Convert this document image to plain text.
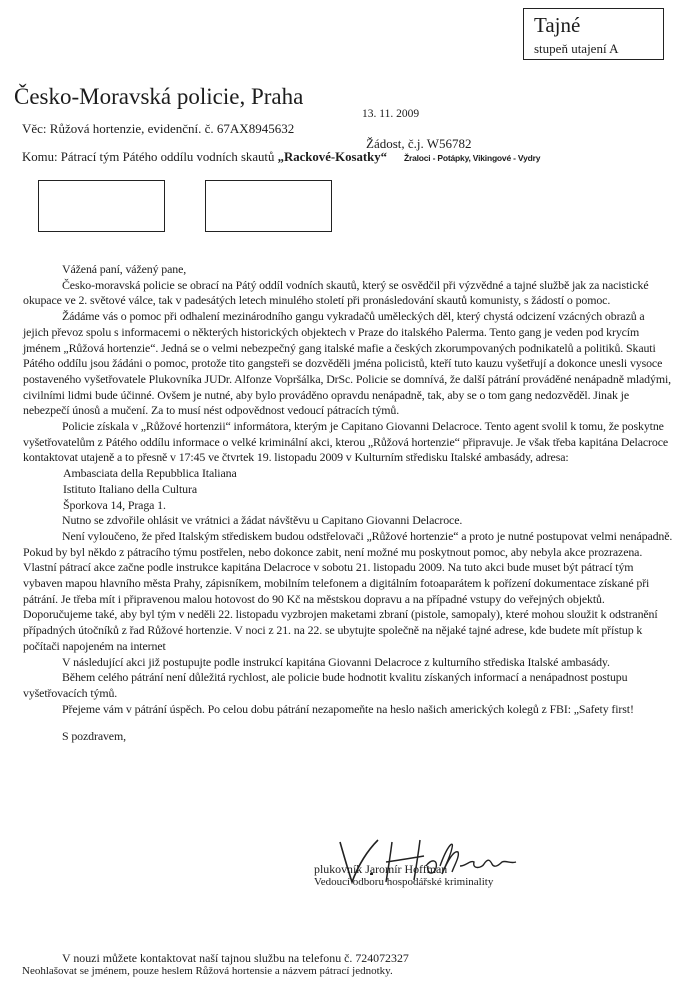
Tajné
stupeň utajení A
Česko-Moravská policie, Praha
13. 11. 2009
Věc: Růžová hortenzie, evidenční. č. 67AX8945632
Žádost, č.j. W56782
Komu: Pátrací tým Pátého oddílu vodních skautů „Rackové-Kosatky“ Žraloci - Potápky, Vikingové - Vydry

Vážená paní, vážený pane,

Česko-moravská policie se obrací na Pátý oddíl vodních skautů, který se osvědčil při výzvědné a tajné službě jak za nacistické okupace ve 2. světové válce, tak v padesátých letech minulého století při pronásledování skautů komunisty, s žádostí o pomoc.

Žádáme vás o pomoc při odhalení mezinárodního gangu vykradačů uměleckých děl, který chystá odcizení vzácných obrazů a jejich převoz spolu s informacemi o některých historických objektech v Praze do italského Palerma. Tento gang je veden pod krycím jménem „Růžová hortenzie“. Jedná se o velmi nebezpečný gang italské mafie a českých zkorumpovaných podnikatelů a politiků. Skauti Pátého oddílu jsou žádáni o pomoc, protože tito gangsteři se dozvěděli jména policistů, kteří tuto kauzu vyšetřují a dokonce unesli vysoce postaveného vyšetřovatele Plukovníka JUDr. Alfonze Vopršálka, DrSc. Policie se domnívá, že další pátrání prováděné nenápadně mladými, civilními lidmi bude účinné. Ovšem je nutné, aby bylo prováděno opravdu nenápadně, tak, aby se o tom gang nedozvěděl. Jinak je nebezpečí únosů a mučení. Za to musí nést odpovědnost vedoucí pátracích týmů.

Policie získala v „Růžové hortenzii“ informátora, kterým je Capitano Giovanni Delacroce. Tento agent svolil k tomu, že poskytne vyšetřovatelům z Pátého oddílu informace o velké kriminální akci, kterou „Růžová hortenzie“ připravuje. Je však třeba kapitána Delacroce kontaktovat utajeně a to přesně v 17:45 ve čtvrtek 19. listopadu 2009 v Kulturním středisku Italské ambasády, adresa:

Ambasciata della Repubblica Italiana

Istituto Italiano della Cultura

Šporkova 14, Praga 1.

Nutno se zdvořile ohlásit ve vrátnici a žádat návštěvu u Capitano Giovanni Delacroce.

Není vyloučeno, že před Italským střediskem budou odstřelovači „Růžové hortenzie“ a proto je nutné postupovat velmi nenápadně. Pokud by byl někdo z pátracího týmu postřelen, nebo dokonce zabit, není možné mu poskytnout pomoc, aby nebyla akce prozrazena. Vlastní pátrací akce začne podle instrukce kapitána Delacroce v sobotu 21. listopadu 2009. Na tuto akci bude muset být pátrací tým vybaven mapou hlavního města Prahy, zápisníkem, mobilním telefonem a digitálním fotoaparátem k pořízení dokumentace získané při pátrání. Je třeba mít i připravenou malou hotovost do 90 Kč na městskou dopravu a na případné vstupy do veřejných objektů. Doporučujeme také, aby byl tým v neděli 22. listopadu vyzbrojen maketami zbraní (pistole, samopaly), které mohou sloužit k odstranění případných útočníků z řad Růžové hortenzie. V noci z 21. na 22. se ubytujte společně na nějaké tajné adrese, kde budete mít přístup k počítači napojeném na internet

V následující akci již postupujte podle instrukcí kapitána Giovanni Delacroce z kulturního střediska Italské ambasády.

Během celého pátrání není důležitá rychlost, ale policie bude hodnotit kvalitu získaných informací a nenápadnost postupu vyšetřovacích týmů.

Přejeme vám v pátrání úspěch. Po celou dobu pátrání nezapomeňte na heslo našich amerických kolegů z FBI: „Safety first!

S pozdravem,

plukovník Jaromír Hoffman
Vedoucí odboru hospodářské kriminality
V nouzi můžete kontaktovat naší tajnou službu na telefonu č. 724072327
Neohlašovat se jménem, pouze heslem Růžová hortensie a názvem pátrací jednotky.
